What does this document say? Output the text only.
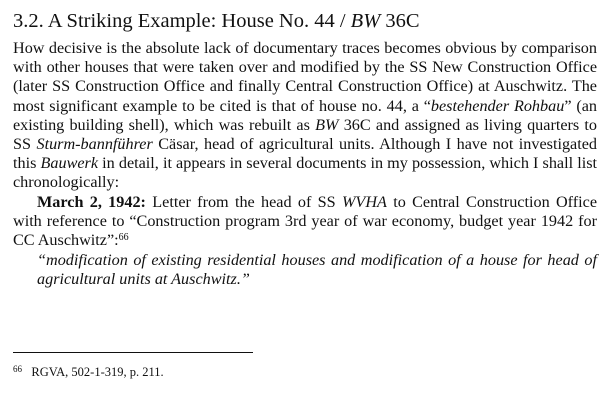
3.2. A Striking Example: House No. 44 / BW 36C

How decisive is the absolute lack of documentary traces becomes obvious by comparison with other houses that were taken over and modified by the SS New Construction Office (later SS Construction Office and finally Central Construction Office) at Auschwitz. The most significant example to be cited is that of house no. 44, a “bestehender Rohbau” (an existing building shell), which was rebuilt as BW 36C and assigned as living quarters to SS Sturm-bannführer Cäsar, head of agricultural units. Although I have not investigated this Bauwerk in detail, it appears in several documents in my possession, which I shall list chronologically:

March 2, 1942: Letter from the head of SS WVHA to Central Construction Office with reference to “Construction program 3rd year of war economy, budget year 1942 for CC Auschwitz”:$^{66}$

“modification of existing residential houses and modification of a house for head of agricultural units at Auschwitz.”

$^{66}$ RGVA, 502-1-319, p. 211.
